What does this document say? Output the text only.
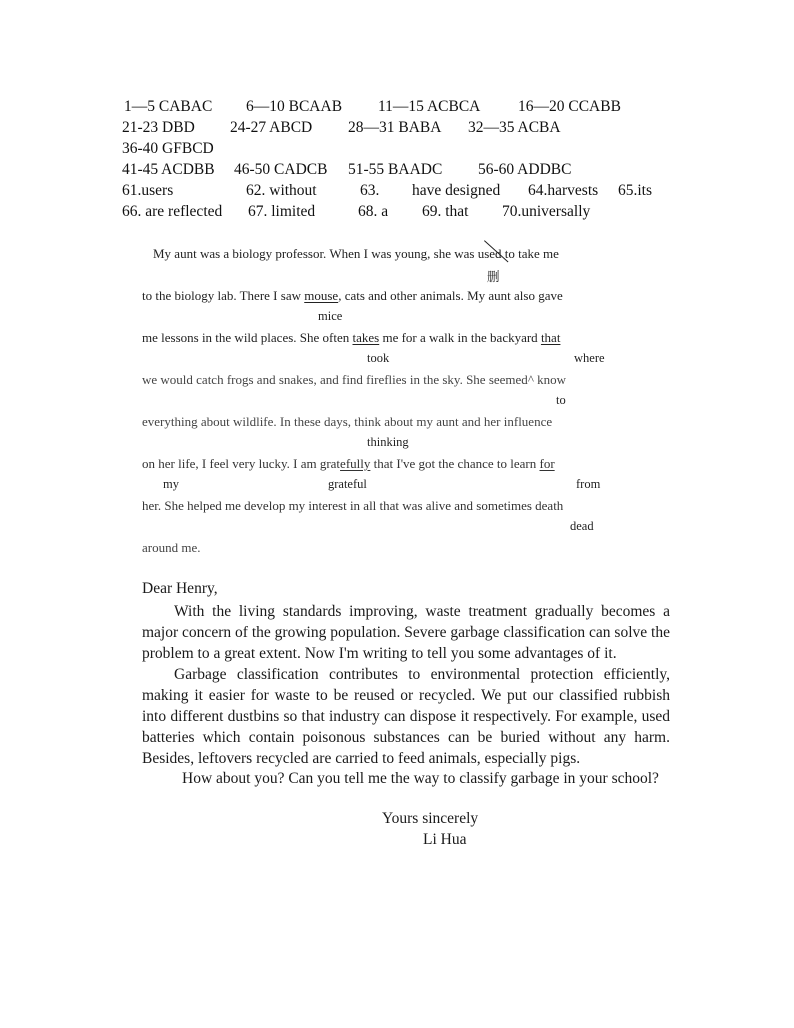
1—5 CABAC 6—10 BCAAB 11—15 ACBCA 16—20 CCABB
21-23 DBD 24-27 ABCD 28—31 BABA 32—35 ACBA
36-40 GFBCD
41-45 ACDBB 46-50 CADCB 51-55 BAADC 56-60 ADDBC
61.users	62. without	63. have designed 64.harvests 65.its
66. are reflected 67. limited	68. a 69. that 70.universally
My aunt was a biology professor. When I was young, she was used to take me
删
to the biology lab. There I saw mouse, cats and other animals. My aunt also gave
mice
me lessons in the wild places. She often takes me for a walk in the backyard that
took	where
we would catch frogs and snakes, and find fireflies in the sky. She seemed^ know
to
everything about wildlife. In these days, think about my aunt and her influence
thinking
on her life, I feel very lucky. I am gratefully that I've got the chance to learn for
my	grateful	from
her. She helped me develop my interest in all that was alive and sometimes death
dead
around me.
Dear Henry,
With the living standards improving, waste treatment gradually becomes a major concern of the growing population. Severe garbage classification can solve the problem to a great extent. Now I'm writing to tell you some advantages of it.
Garbage classification contributes to environmental protection efficiently, making it easier for waste to be reused or recycled. We put our classified rubbish into different dustbins so that industry can dispose it respectively. For example, used batteries which contain poisonous substances can be buried without any harm. Besides, leftovers recycled are carried to feed animals, especially pigs.
How about you? Can you tell me the way to classify garbage in your school?
Yours sincerely
Li Hua
